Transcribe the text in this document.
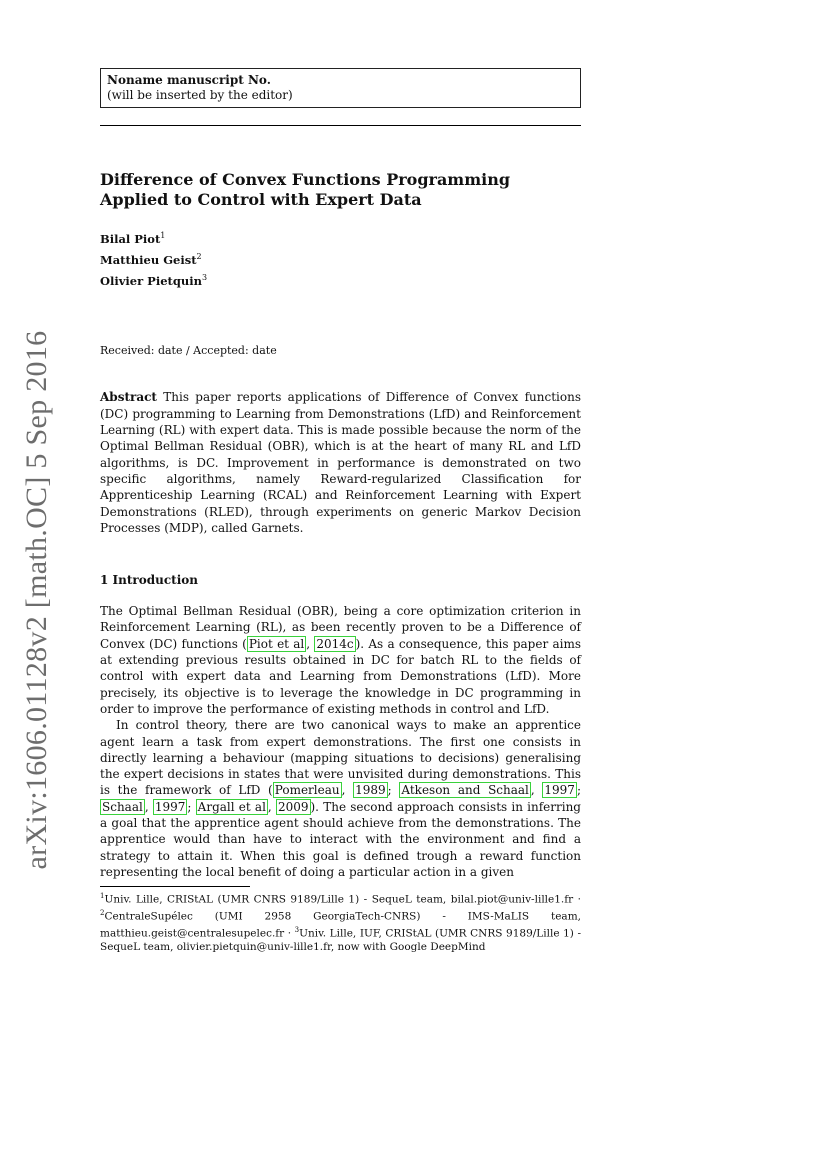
arXiv:1606.01128v2 [math.OC] 5 Sep 2016
Noname manuscript No.
(will be inserted by the editor)
Difference of Convex Functions Programming Applied to Control with Expert Data
Bilal Piot$^1$
Matthieu Geist$^2$
Olivier Pietquin$^3$
Received: date / Accepted: date
Abstract This paper reports applications of Difference of Convex functions (DC) programming to Learning from Demonstrations (LfD) and Reinforcement Learning (RL) with expert data. This is made possible because the norm of the Optimal Bellman Residual (OBR), which is at the heart of many RL and LfD algorithms, is DC. Improvement in performance is demonstrated on two specific algorithms, namely Reward-regularized Classification for Apprenticeship Learning (RCAL) and Reinforcement Learning with Expert Demonstrations (RLED), through experiments on generic Markov Decision Processes (MDP), called Garnets.
1 Introduction

The Optimal Bellman Residual (OBR), being a core optimization criterion in Reinforcement Learning (RL), as been recently proven to be a Difference of Convex (DC) functions ( Piot et al , 2014c ). As a consequence, this paper aims at extending previous results obtained in DC for batch RL to the fields of control with expert data and Learning from Demonstrations (LfD). More precisely, its objective is to leverage the knowledge in DC programming in order to improve the performance of existing methods in control and LfD.

In control theory, there are two canonical ways to make an apprentice agent learn a task from expert demonstrations. The first one consists in directly learning a behaviour (mapping situations to decisions) generalising the expert decisions in states that were unvisited during demonstrations. This is the framework of LfD ( Pomerleau , 1989 ; Atkeson and Schaal , 1997 ; Schaal , 1997 ; Argall et al , 2009 ). The second approach consists in inferring a goal that the apprentice agent should achieve from the demonstrations. The apprentice would than have to interact with the environment and find a strategy to attain it. When this goal is defined trough a reward function representing the local benefit of doing a particular action in a given

$^1$Univ. Lille, CRIStAL (UMR CNRS 9189/Lille 1) - SequeL team, bilal.piot@univ-lille1.fr · $^2$CentraleSupélec (UMI 2958 GeorgiaTech-CNRS) - IMS-MaLIS team, matthieu.geist@centralesupelec.fr · $^3$Univ. Lille, IUF, CRIStAL (UMR CNRS 9189/Lille 1) - SequeL team, olivier.pietquin@univ-lille1.fr, now with Google DeepMind
